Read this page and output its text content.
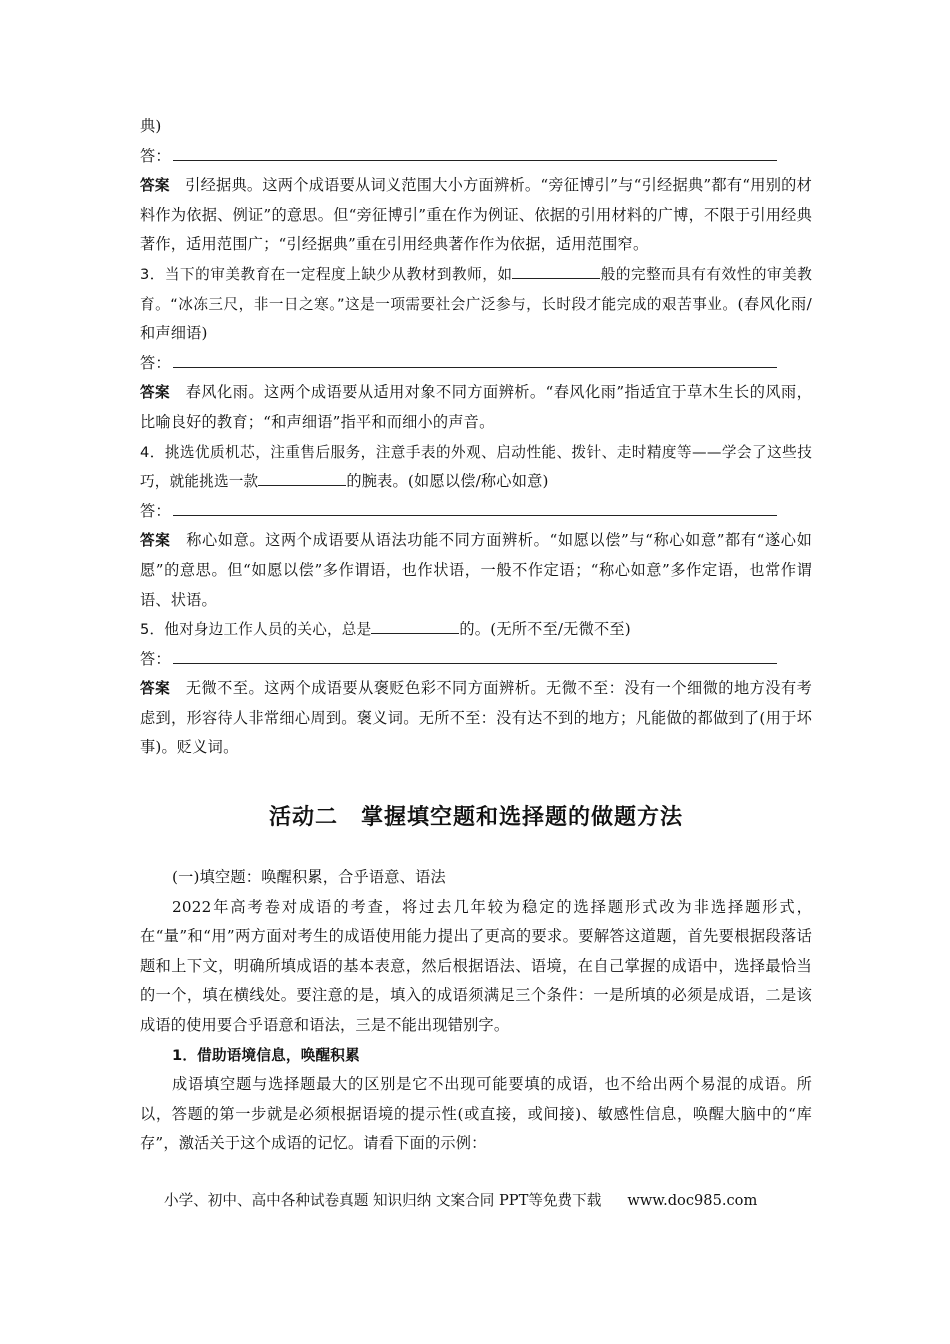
典)

答：

答案　 引经据典。这两个成语要从词义范围大小方面辨析。“旁征博引”与“引经据典”都有“用别的材料作为依据、例证”的意思。但“旁征博引”重在作为例证、依据的引用材料的广博，不限于引用经典著作，适用范围广；“引经据典”重在引用经典著作作为依据，适用范围窄。

3．当下的审美教育在一定程度上缺少从教材到教师，如	般的完整而具有有效性的审美教育。“冰冻三尺，非一日之寒。”这是一项需要社会广泛参与，长时段才能完成的艰苦事业。(春风化雨/和声细语)

答：

答案　 春风化雨。这两个成语要从适用对象不同方面辨析。“春风化雨”指适宜于草木生长的风雨，比喻良好的教育；“和声细语”指平和而细小的声音。

4．挑选优质机芯，注重售后服务，注意手表的外观、启动性能、拨针、走时精度等——学会了这些技巧，就能挑选一款	的腕表。(如愿以偿/称心如意)

答：

答案　 称心如意。这两个成语要从语法功能不同方面辨析。“如愿以偿”与“称心如意”都有“遂心如愿”的意思。但“如愿以偿”多作谓语，也作状语，一般不作定语；“称心如意”多作定语，也常作谓语、状语。

5．他对身边工作人员的关心，总是	的。(无所不至/无微不至)

答：

答案　 无微不至。这两个成语要从褒贬色彩不同方面辨析。无微不至：没有一个细微的地方没有考虑到，形容待人非常细心周到。褒义词。无所不至：没有达不到的地方；凡能做的都做到了(用于坏事)。贬义词。

活动二　掌握填空题和选择题的做题方法

(一)填空题：唤醒积累，合乎语意、语法

2022年高考卷对成语的考查，将过去几年较为稳定的选择题形式改为非选择题形式，在“量”和“用”两方面对考生的成语使用能力提出了更高的要求。要解答这道题，首先要根据段落话题和上下文，明确所填成语的基本表意，然后根据语法、语境，在自己掌握的成语中，选择最恰当的一个，填在横线处。要注意的是，填入的成语须满足三个条件：一是所填的必须是成语，二是该成语的使用要合乎语意和语法，三是不能出现错别字。

1．借助语境信息，唤醒积累

成语填空题与选择题最大的区别是它不出现可能要填的成语，也不给出两个易混的成语。所以，答题的第一步就是必须根据语境的提示性(或直接，或间接)、敏感性信息，唤醒大脑中的“库存”，激活关于这个成语的记忆。请看下面的示例：

小学、初中、高中各种试卷真题 知识归纳 文案合同 PPT等免费下载 www.doc985.com
